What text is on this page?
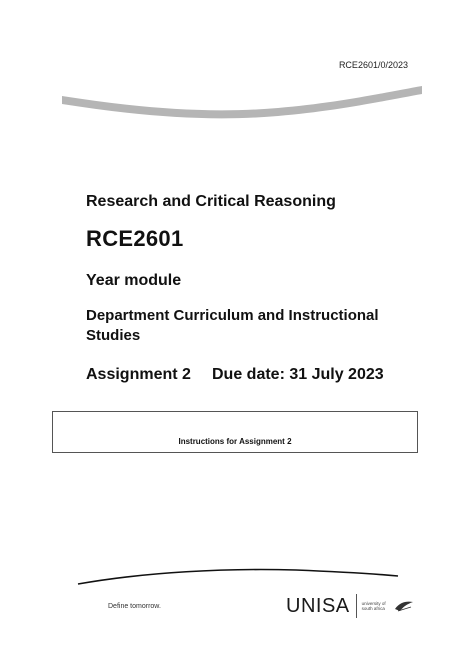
RCE2601/0/2023
Research and Critical Reasoning
RCE2601
Year module
Department Curriculum and Instructional Studies
Assignment 2 Due date: 31 July 2023
Instructions for Assignment 2
Define tomorrow.	UNISA	university of south africa
